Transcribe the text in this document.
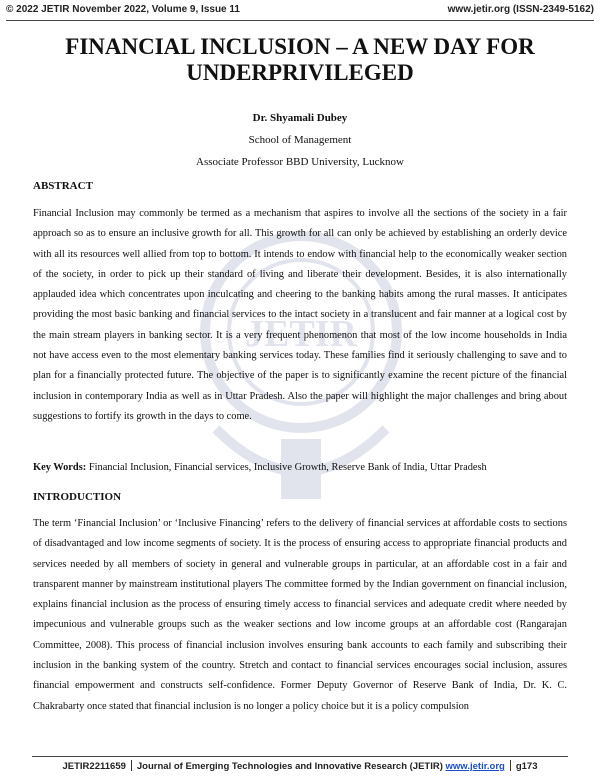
© 2022 JETIR November 2022, Volume 9, Issue 11	www.jetir.org (ISSN-2349-5162)
JETIR
FINANCIAL INCLUSION – A NEW DAY FOR
UNDERPRIVILEGED
Dr. Shyamali Dubey
School of Management
Associate Professor BBD University, Lucknow
ABSTRACT
Financial Inclusion may commonly be termed as a mechanism that aspires to involve all the sections of the society in a fair approach so as to ensure an inclusive growth for all. This growth for all can only be achieved by establishing an orderly device with all its resources well allied from top to bottom. It intends to endow with financial help to the economically weaker section of the society, in order to pick up their standard of living and liberate their development. Besides, it is also internationally applauded idea which concentrates upon inculcating and cheering to the banking habits among the rural masses. It anticipates providing the most basic banking and financial services to the intact society in a translucent and fair manner at a logical cost by the main stream players in banking sector. It is a very frequent phenomenon that most of the low income households in India not have access even to the most elementary banking services today. These families find it seriously challenging to save and to plan for a financially protected future. The objective of the paper is to significantly examine the recent picture of the financial inclusion in contemporary India as well as in Uttar Pradesh. Also the paper will highlight the major challenges and bring about suggestions to fortify its growth in the days to come.
Key Words: Financial Inclusion, Financial services, Inclusive Growth, Reserve Bank of India, Uttar Pradesh
INTRODUCTION
The term ‘Financial Inclusion’ or ‘Inclusive Financing’ refers to the delivery of financial services at affordable costs to sections of disadvantaged and low income segments of society. It is the process of ensuring access to appropriate financial products and services needed by all members of society in general and vulnerable groups in particular, at an affordable cost in a fair and transparent manner by mainstream institutional players The committee formed by the Indian government on financial inclusion, explains financial inclusion as the process of ensuring timely access to financial services and adequate credit where needed by impecunious and vulnerable groups such as the weaker sections and low income groups at an affordable cost (Rangarajan Committee, 2008). This process of financial inclusion involves ensuring bank accounts to each family and subscribing their inclusion in the banking system of the country. Stretch and contact to financial services encourages social inclusion, assures financial empowerment and constructs self-confidence. Former Deputy Governor of Reserve Bank of India, Dr. K. C. Chakrabarty once stated that financial inclusion is no longer a policy choice but it is a policy compulsion
JETIR2211659 Journal of Emerging Technologies and Innovative Research (JETIR) www.jetir.org g173
